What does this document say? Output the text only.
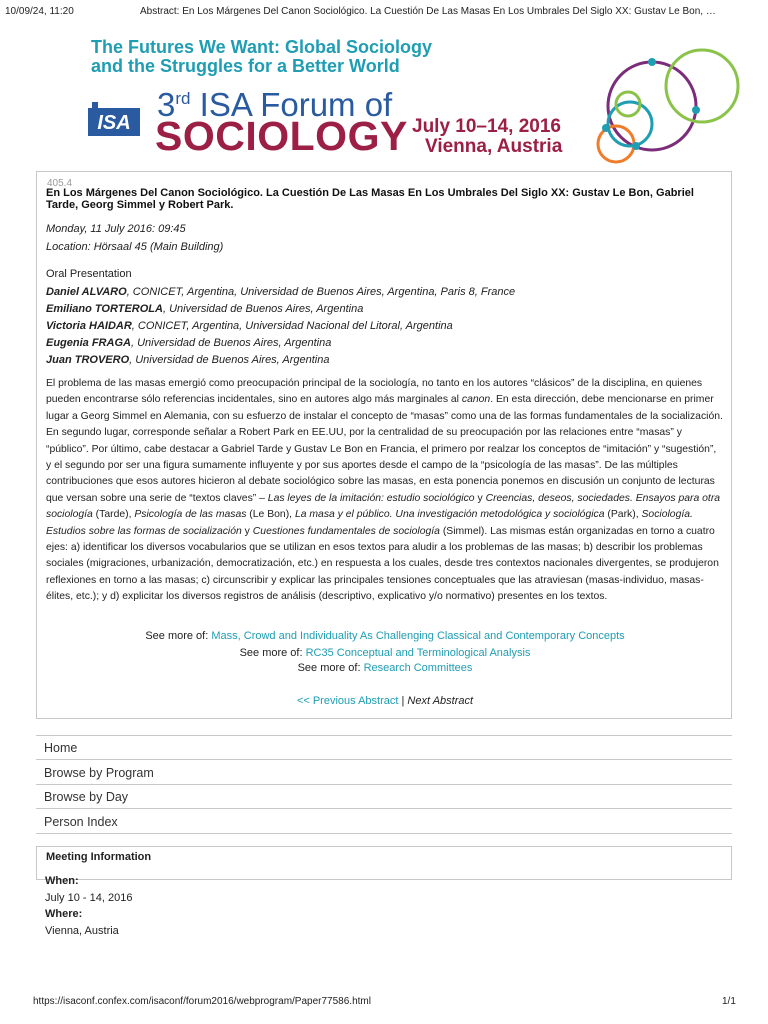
10/09/24, 11:20	Abstract: En Los Márgenes Del Canon Sociológico. La Cuestión De Las Masas En Los Umbrales Del Siglo XX: Gustav Le Bon, …
The Futures We Want: Global Sociology
and the Struggles for a Better World
ISA 3rd ISA Forum of
SOCIOLOGY July 10–14, 2016
Vienna, Austria
405.4
En Los Márgenes Del Canon Sociológico. La Cuestión De Las Masas En Los Umbrales Del Siglo XX: Gustav Le Bon, Gabriel Tarde, Georg Simmel y Robert Park.
Monday, 11 July 2016: 09:45
Location: Hörsaal 45 (Main Building)
Oral Presentation
Daniel ALVARO, CONICET, Argentina, Universidad de Buenos Aires, Argentina, Paris 8, France
Emiliano TORTEROLA, Universidad de Buenos Aires, Argentina
Victoria HAIDAR, CONICET, Argentina, Universidad Nacional del Litoral, Argentina
Eugenia FRAGA, Universidad de Buenos Aires, Argentina
Juan TROVERO, Universidad de Buenos Aires, Argentina
El problema de las masas emergió como preocupación principal de la sociología, no tanto en los autores “clásicos” de la disciplina, en quienes pueden encontrarse sólo referencias incidentales, sino en autores algo más marginales al canon. En esta dirección, debe mencionarse en primer lugar a Georg Simmel en Alemania, con su esfuerzo de instalar el concepto de “masas” como una de las formas fundamentales de la socialización. En segundo lugar, corresponde señalar a Robert Park en EE.UU, por la centralidad de su preocupación por las relaciones entre “masas” y “público”. Por último, cabe destacar a Gabriel Tarde y Gustav Le Bon en Francia, el primero por realzar los conceptos de “imitación” y “sugestión”, y el segundo por ser una figura sumamente influyente y por sus aportes desde el campo de la “psicología de las masas”. De las múltiples contribuciones que esos autores hicieron al debate sociológico sobre las masas, en esta ponencia ponemos en discusión un conjunto de lecturas que versan sobre una serie de “textos claves” – Las leyes de la imitación: estudio sociológico y Creencias, deseos, sociedades. Ensayos para otra sociología (Tarde), Psicología de las masas (Le Bon), La masa y el público. Una investigación metodológica y sociológica (Park), Sociología. Estudios sobre las formas de socialización y Cuestiones fundamentales de sociología (Simmel). Las mismas están organizadas en torno a cuatro ejes: a) identificar los diversos vocabularios que se utilizan en esos textos para aludir a los problemas de las masas; b) describir los problemas sociales (migraciones, urbanización, democratización, etc.) en respuesta a los cuales, desde tres contextos nacionales divergentes, se produjeron reflexiones en torno a las masas; c) circunscribir y explicar las principales tensiones conceptuales que las atraviesan (masas-individuo, masas-élites, etc.); y d) explicitar los diversos registros de análisis (descriptivo, explicativo y/o normativo) presentes en los textos.
See more of: Mass, Crowd and Individuality As Challenging Classical and Contemporary Concepts
See more of: RC35 Conceptual and Terminological Analysis
See more of: Research Committees
<< Previous Abstract | Next Abstract
Home
Browse by Program
Browse by Day
Person Index
Meeting Information
When:
July 10 - 14, 2016
Where:
Vienna, Austria
https://isaconf.confex.com/isaconf/forum2016/webprogram/Paper77586.html	1/1
